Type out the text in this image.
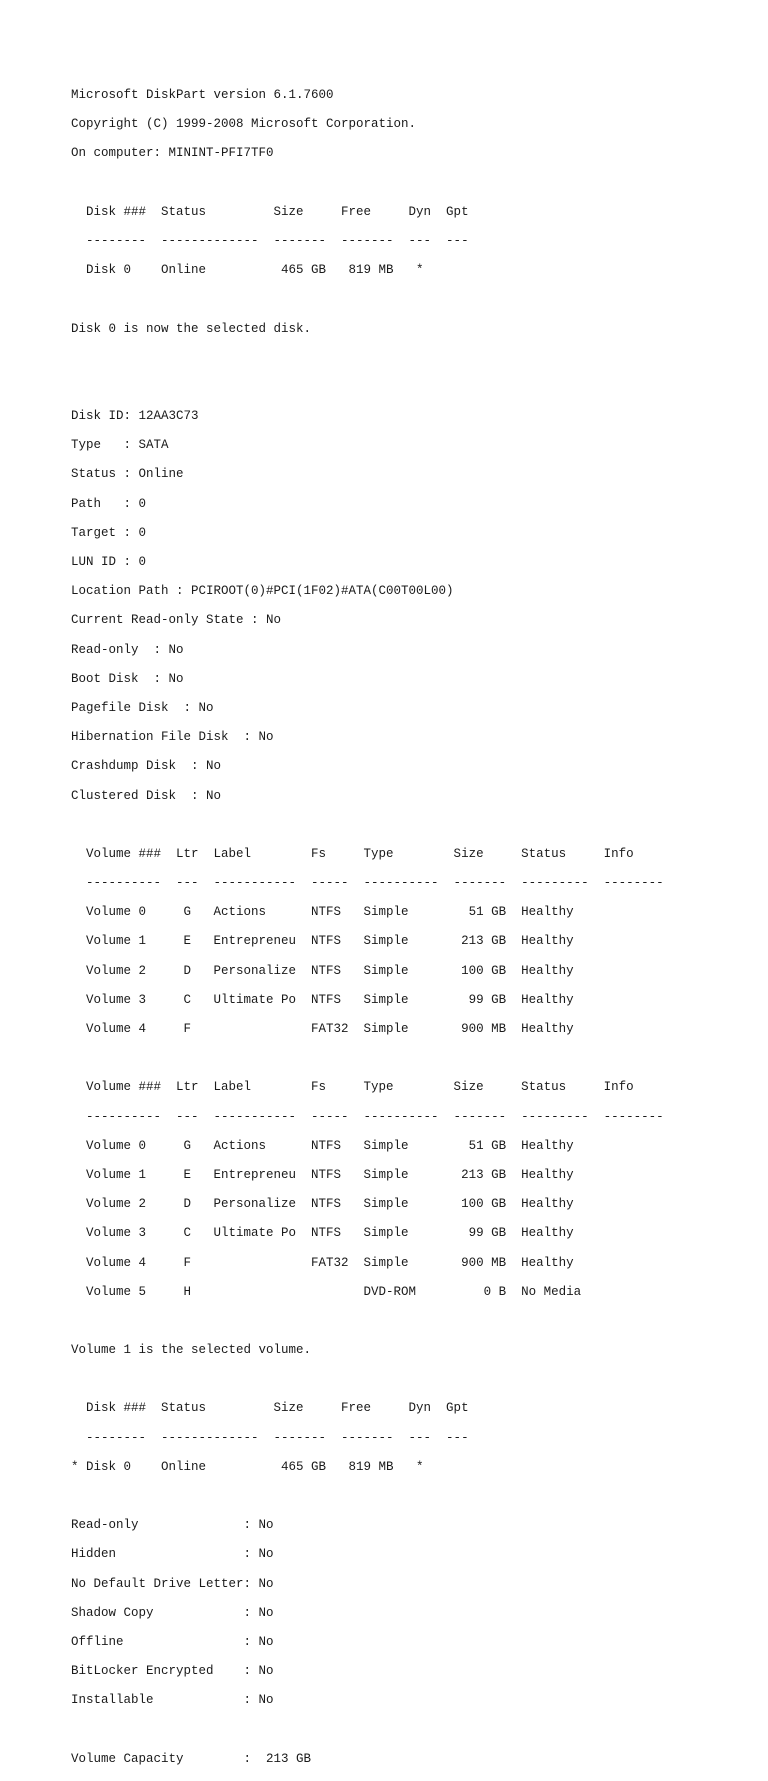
Microsoft DiskPart version 6.1.7600

Copyright (C) 1999-2008 Microsoft Corporation.

On computer: MININT-PFI7TF0

Disk ###  Status         Size     Free     Dyn  Gpt

--------  -------------  -------  -------  ---  ---

Disk 0    Online          465 GB   819 MB   *

Disk 0 is now the selected disk.

Disk ID: 12AA3C73

Type   : SATA

Status : Online

Path   : 0

Target : 0

LUN ID : 0

Location Path : PCIROOT(0)#PCI(1F02)#ATA(C00T00L00)

Current Read-only State : No

Read-only  : No

Boot Disk  : No

Pagefile Disk  : No

Hibernation File Disk  : No

Crashdump Disk  : No

Clustered Disk  : No

Volume ###  Ltr  Label        Fs     Type        Size     Status     Info

----------  ---  -----------  -----  ----------  -------  ---------  --------

Volume 0     G   Actions      NTFS   Simple        51 GB  Healthy

Volume 1     E   Entrepreneu  NTFS   Simple       213 GB  Healthy

Volume 2     D   Personalize  NTFS   Simple       100 GB  Healthy

Volume 3     C   Ultimate Po  NTFS   Simple        99 GB  Healthy

Volume 4     F                FAT32  Simple       900 MB  Healthy

Volume ###  Ltr  Label        Fs     Type        Size     Status     Info

----------  ---  -----------  -----  ----------  -------  ---------  --------

Volume 0     G   Actions      NTFS   Simple        51 GB  Healthy

Volume 1     E   Entrepreneu  NTFS   Simple       213 GB  Healthy

Volume 2     D   Personalize  NTFS   Simple       100 GB  Healthy

Volume 3     C   Ultimate Po  NTFS   Simple        99 GB  Healthy

Volume 4     F                FAT32  Simple       900 MB  Healthy

Volume 5     H                       DVD-ROM         0 B  No Media

Volume 1 is the selected volume.

Disk ###  Status         Size     Free     Dyn  Gpt

--------  -------------  -------  -------  ---  ---

* Disk 0    Online          465 GB   819 MB   *

Read-only              : No

Hidden                 : No

No Default Drive Letter: No

Shadow Copy            : No

Offline                : No

BitLocker Encrypted    : No

Installable            : No

Volume Capacity        :  213 GB
